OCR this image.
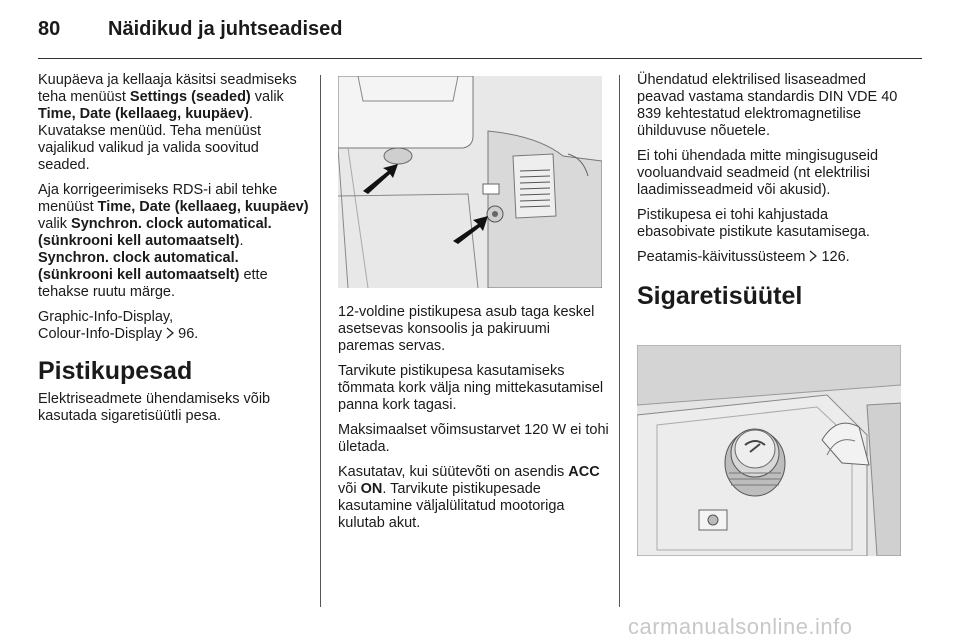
80 Näidikud ja juhtseadised

Kuupäeva ja kellaaja käsitsi seadmiseks teha menüüst Settings (seaded) valik Time, Date (kellaaeg, kuupäev). Kuvatakse menüüd. Teha menüüst vajalikud valikud ja valida soovitud seaded.

Aja korrigeerimiseks RDS-i abil tehke menüüst Time, Date (kellaaeg, kuupäev) valik Synchron. clock automatical. (sünkrooni kell automaatselt). Synchron. clock automatical. (sünkrooni kell automaatselt) ette tehakse ruutu märge.

Graphic-Info-Display,
Colour-Info-Display 96.

Pistikupesad

Elektriseadmete ühendamiseks võib kasutada sigaretisüütli pesa.

12-voldine pistikupesa asub taga keskel asetsevas konsoolis ja pakiruumi paremas servas.

Tarvikute pistikupesa kasutamiseks tõmmata kork välja ning mittekasutamisel panna kork tagasi.

Maksimaalset võimsustarvet 120 W ei tohi ületada.

Kasutatav, kui süütevõti on asendis ACC või ON. Tarvikute pistikupesade kasutamine väljalülitatud mootoriga kulutab akut.

Ühendatud elektrilised lisaseadmed peavad vastama standardis DIN VDE 40 839 kehtestatud elektromagnetilise ühilduvuse nõuetele.

Ei tohi ühendada mitte mingisuguseid vooluandvaid seadmeid (nt elektrilisi laadimisseadmeid või akusid).

Pistikupesa ei tohi kahjustada ebasobivate pistikute kasutamisega.

Peatamis-käivitussüsteem 126.

Sigaretisüütel
carmanualsonline.info
